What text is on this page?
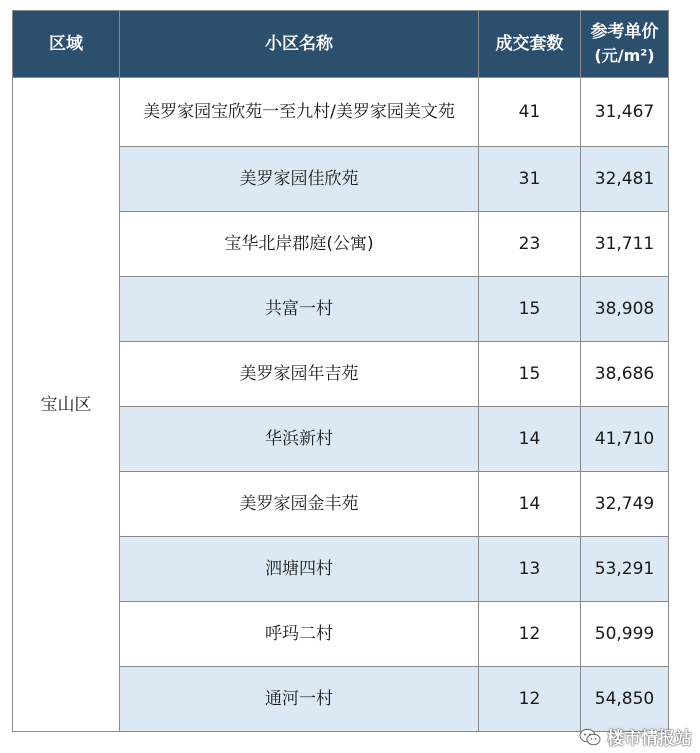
区域	小区名称	成交套数	参考单价
(元/m²)

宝山区	美罗家园宝欣苑一至九村/美罗家园美文苑	41	31,467
	美罗家园佳欣苑	31	32,481
	宝华北岸郡庭(公寓)	23	31,711
	共富一村	15	38,908
	美罗家园年吉苑	15	38,686
	华浜新村	14	41,710
	美罗家园金丰苑	14	32,749
	泗塘四村	13	53,291
	呼玛二村	12	50,999
	通河一村	12	54,850
楼市情报站
